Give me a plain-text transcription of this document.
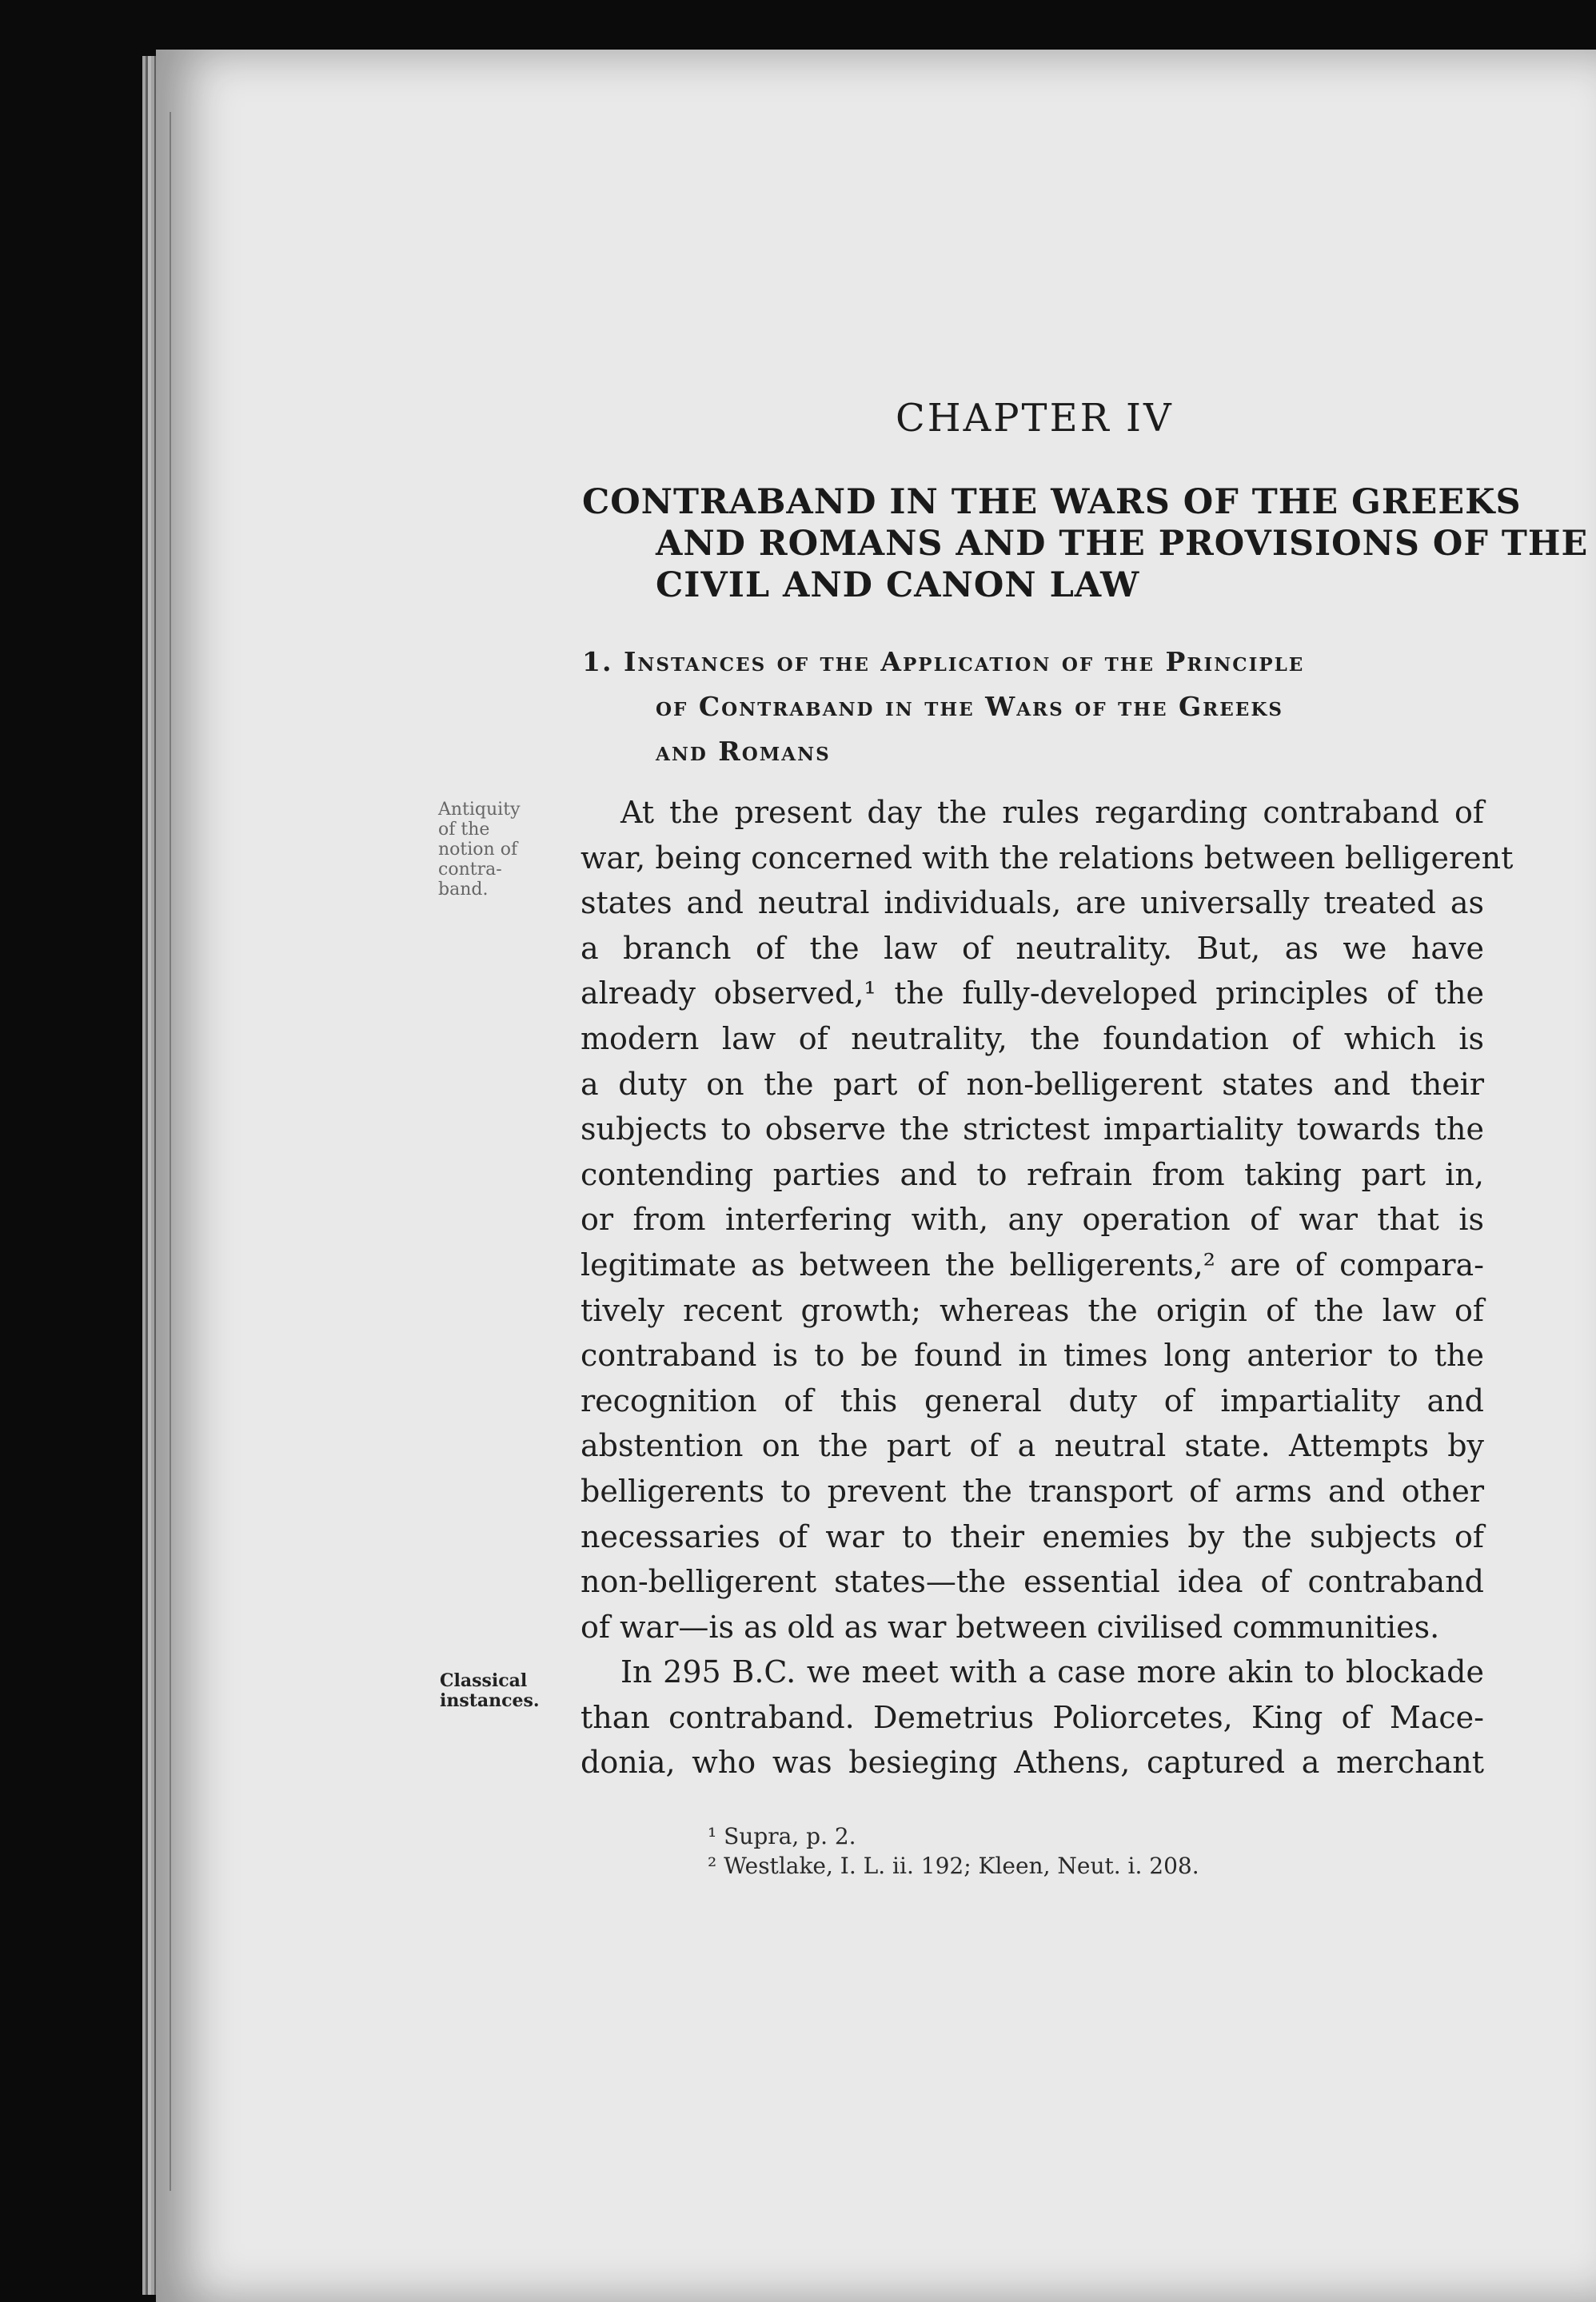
CHAPTER IV
CONTRABAND IN THE WARS OF THE GREEKS
AND ROMANS AND THE PROVISIONS OF THE
CIVIL AND CANON LAW
1. Instances of the Application of the Principle
of Contraband in the Wars of the Greeks
and Romans
Antiquity
of the
notion of
contra-
band.
Classical
instances.
At the present day the rules regarding contraband of
war, being concerned with the relations between belligerent
states and neutral individuals, are universally treated as
a branch of the law of neutrality. But, as we have
already observed,¹ the fully-developed principles of the
modern law of neutrality, the foundation of which is
a duty on the part of non-belligerent states and their
subjects to observe the strictest impartiality towards the
contending parties and to refrain from taking part in,
or from interfering with, any operation of war that is
legitimate as between the belligerents,² are of compara-
tively recent growth; whereas the origin of the law of
contraband is to be found in times long anterior to the
recognition of this general duty of impartiality and
abstention on the part of a neutral state. Attempts by
belligerents to prevent the transport of arms and other
necessaries of war to their enemies by the subjects of
non-belligerent states—the essential idea of contraband
of war—is as old as war between civilised communities.
In 295 B.C. we meet with a case more akin to blockade
than contraband. Demetrius Poliorcetes, King of Mace-
donia, who was besieging Athens, captured a merchant
¹ Supra, p. 2.
² Westlake, I. L. ii. 192; Kleen, Neut. i. 208.
